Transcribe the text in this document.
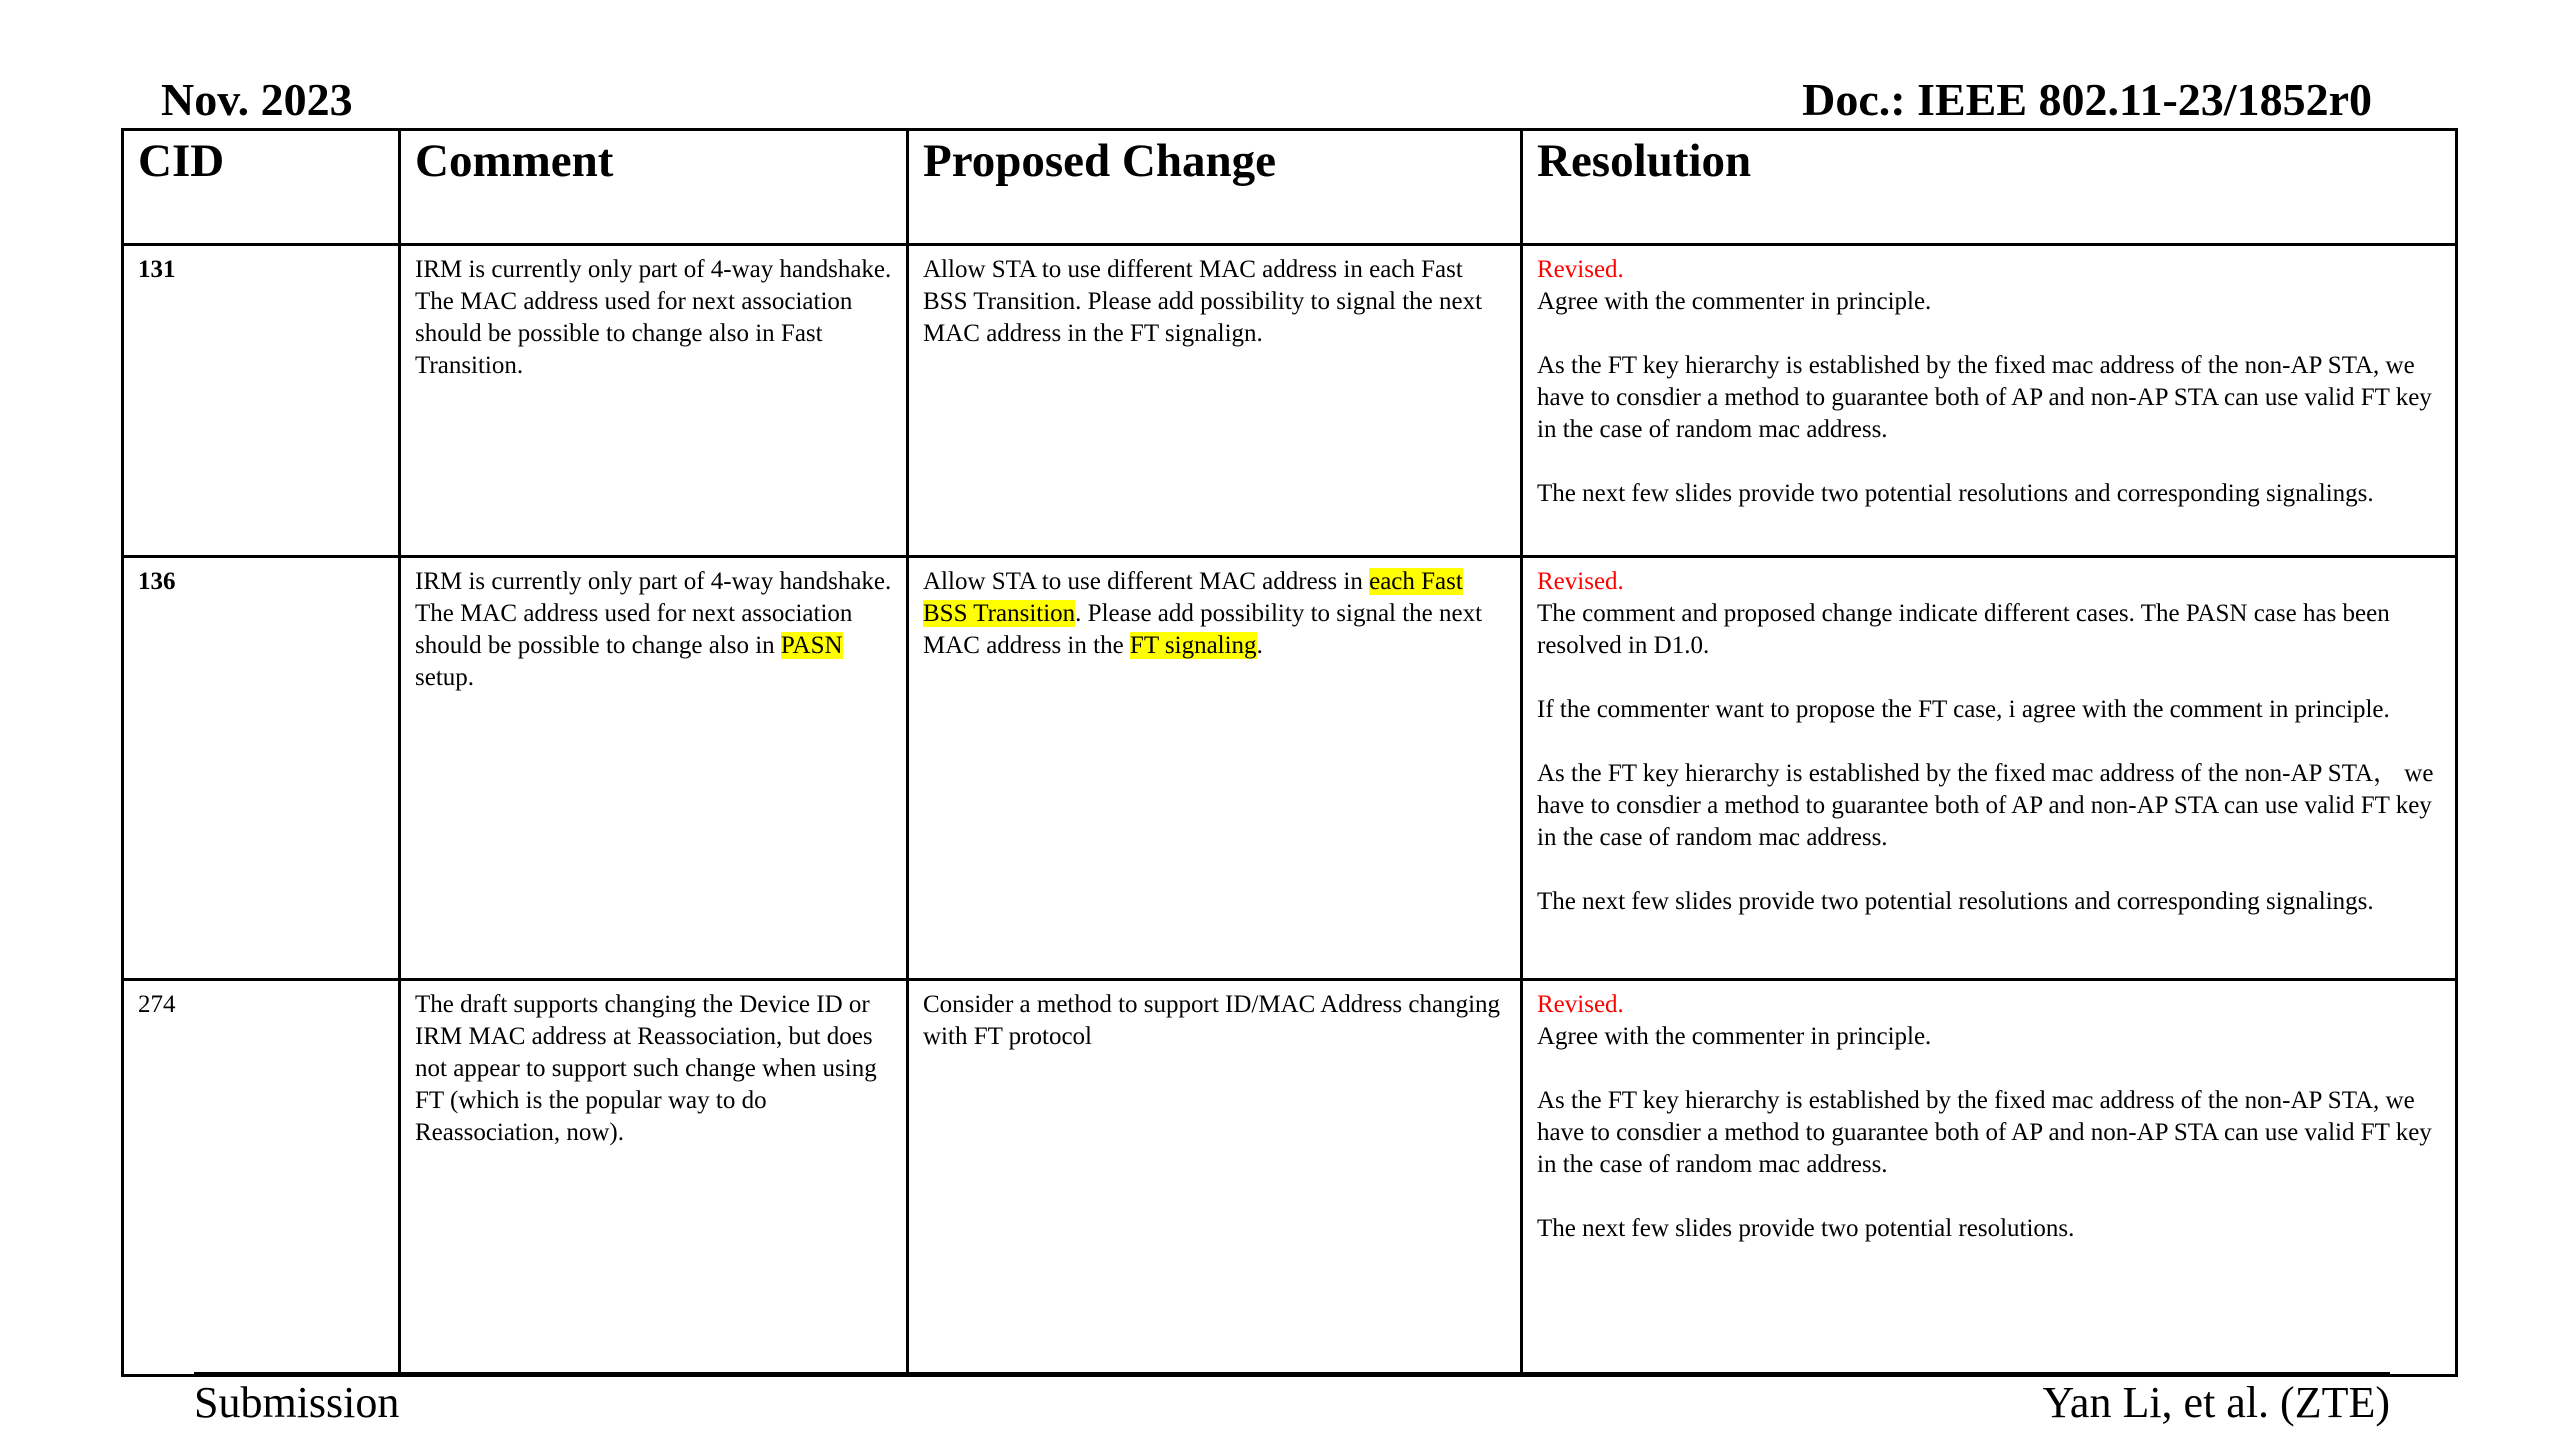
Nov. 2023	Doc.: IEEE 802.11-23/1852r0
CID	Comment	Proposed Change	Resolution
131	IRM is currently only part of 4-way handshake. The MAC address used for next association should be possible to change also in Fast Transition.	Allow STA to use different MAC address in each Fast BSS Transition. Please add possibility to signal the next MAC address in the FT signalign.	Revised.

Agree with the commenter in principle.

As the FT key hierarchy is established by the fixed mac address of the non-AP STA, we have to consdier a method to guarantee both of AP and non-AP STA can use valid FT key in the case of random mac address.

The next few slides provide two potential resolutions and corresponding signalings.

136	IRM is currently only part of 4-way handshake. The MAC address used for next association should be possible to change also in PASN setup.	Allow STA to use different MAC address in each Fast BSS Transition. Please add possibility to signal the next MAC address in the FT signaling.	Revised.

The comment and proposed change indicate different cases. The PASN case has been resolved in D1.0.

If the commenter want to propose the FT case, i agree with the comment in principle.

As the FT key hierarchy is established by the fixed mac address of the non-AP STA， we have to consdier a method to guarantee both of AP and non-AP STA can use valid FT key in the case of random mac address.

The next few slides provide two potential resolutions and corresponding signalings.

274	The draft supports changing the Device ID or IRM MAC address at Reassociation, but does not appear to support such change when using FT (which is the popular way to do Reassociation, now).	Consider a method to support ID/MAC Address changing with FT protocol	Revised.

Agree with the commenter in principle.

As the FT key hierarchy is established by the fixed mac address of the non-AP STA, we have to consdier a method to guarantee both of AP and non-AP STA can use valid FT key in the case of random mac address.

The next few slides provide two potential resolutions.

Submission	Yan Li, et al. (ZTE)
